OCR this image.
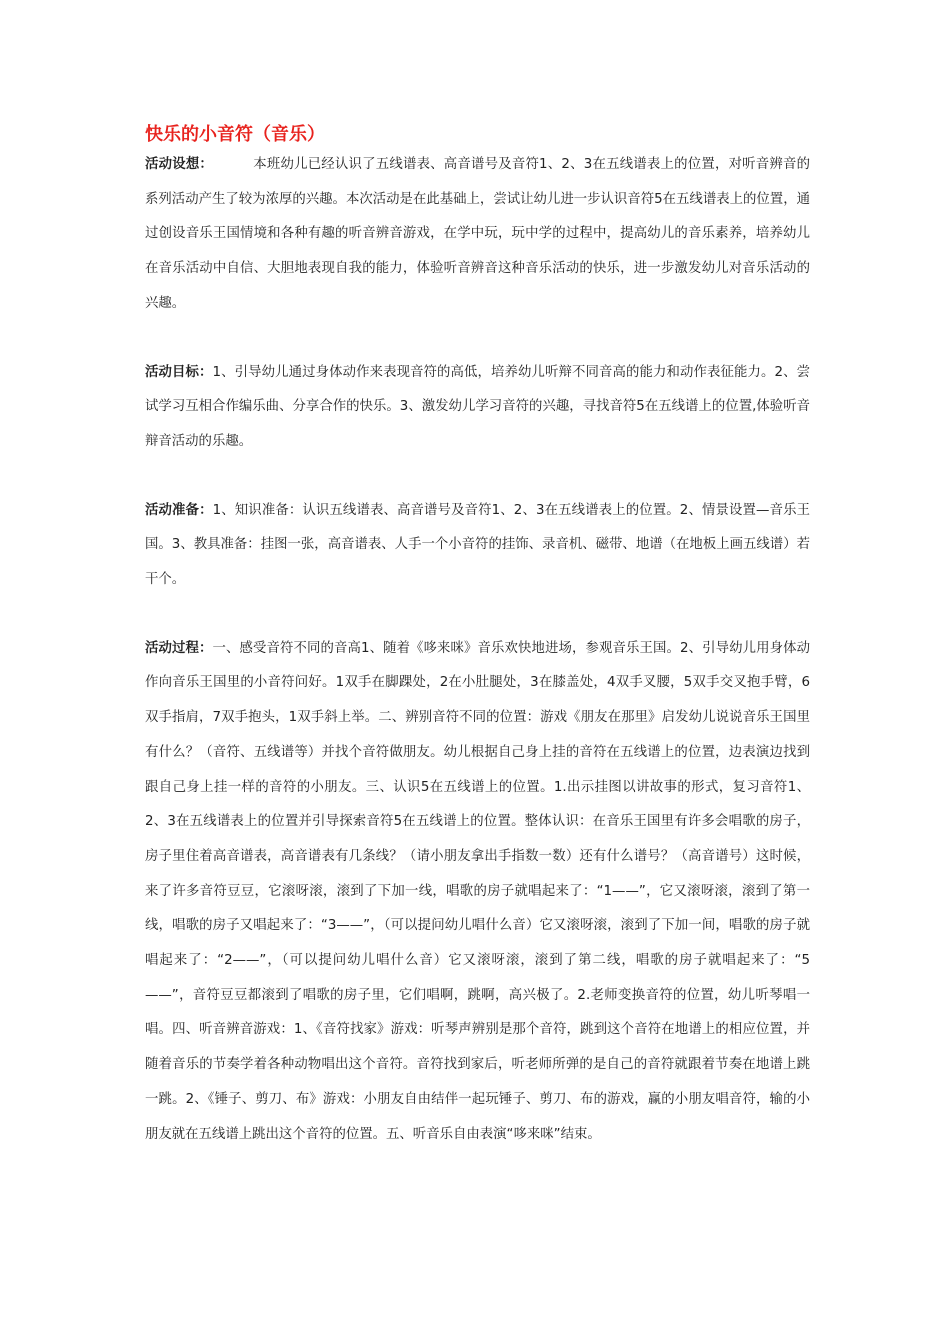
快乐的小音符（音乐）

活动设想：	本班幼儿已经认识了五线谱表、高音谱号及音符1、2、3在五线谱表上的位置，对听音辨音的系列活动产生了较为浓厚的兴趣。本次活动是在此基础上，尝试让幼儿进一步认识音符5在五线谱表上的位置，通过创设音乐王国情境和各种有趣的听音辨音游戏，在学中玩，玩中学的过程中，提高幼儿的音乐素养，培养幼儿在音乐活动中自信、大胆地表现自我的能力，体验听音辨音这种音乐活动的快乐，进一步激发幼儿对音乐活动的兴趣。

活动目标：1、引导幼儿通过身体动作来表现音符的高低，培养幼儿听辩不同音高的能力和动作表征能力。2、尝试学习互相合作编乐曲、分享合作的快乐。3、激发幼儿学习音符的兴趣，寻找音符5在五线谱上的位置,体验听音辩音活动的乐趣。

活动准备：1、知识准备：认识五线谱表、高音谱号及音符1、2、3在五线谱表上的位置。2、情景设置—音乐王国。3、教具准备：挂图一张，高音谱表、人手一个小音符的挂饰、录音机、磁带、地谱（在地板上画五线谱）若干个。

活动过程：一、感受音符不同的音高1、随着《哆来咪》音乐欢快地进场，参观音乐王国。2、引导幼儿用身体动作向音乐王国里的小音符问好。1双手在脚踝处，2在小肚腿处，3在膝盖处，4双手叉腰，5双手交叉抱手臂，6双手指肩，7双手抱头，1双手斜上举。二、辨别音符不同的位置：游戏《朋友在那里》启发幼儿说说音乐王国里有什么？（音符、五线谱等）并找个音符做朋友。幼儿根据自己身上挂的音符在五线谱上的位置，边表演边找到跟自己身上挂一样的音符的小朋友。三、认识5在五线谱上的位置。1.出示挂图以讲故事的形式，复习音符1、2、3在五线谱表上的位置并引导探索音符5在五线谱上的位置。整体认识：在音乐王国里有许多会唱歌的房子，房子里住着高音谱表，高音谱表有几条线？（请小朋友拿出手指数一数）还有什么谱号？（高音谱号）这时候，来了许多音符豆豆，它滚呀滚，滚到了下加一线，唱歌的房子就唱起来了：“1——”，它又滚呀滚，滚到了第一线，唱歌的房子又唱起来了：“3——”，（可以提问幼儿唱什么音）它又滚呀滚，滚到了下加一间，唱歌的房子就唱起来了：“2——”，（可以提问幼儿唱什么音）它又滚呀滚，滚到了第二线，唱歌的房子就唱起来了：“5——”，音符豆豆都滚到了唱歌的房子里，它们唱啊，跳啊，高兴极了。2.老师变换音符的位置，幼儿听琴唱一唱。四、听音辨音游戏：1、《音符找家》游戏：听琴声辨别是那个音符，跳到这个音符在地谱上的相应位置，并随着音乐的节奏学着各种动物唱出这个音符。音符找到家后，听老师所弹的是自己的音符就跟着节奏在地谱上跳一跳。2、《锤子、剪刀、布》游戏：小朋友自由结伴一起玩锤子、剪刀、布的游戏，赢的小朋友唱音符，输的小朋友就在五线谱上跳出这个音符的位置。五、听音乐自由表演“哆来咪”结束。
